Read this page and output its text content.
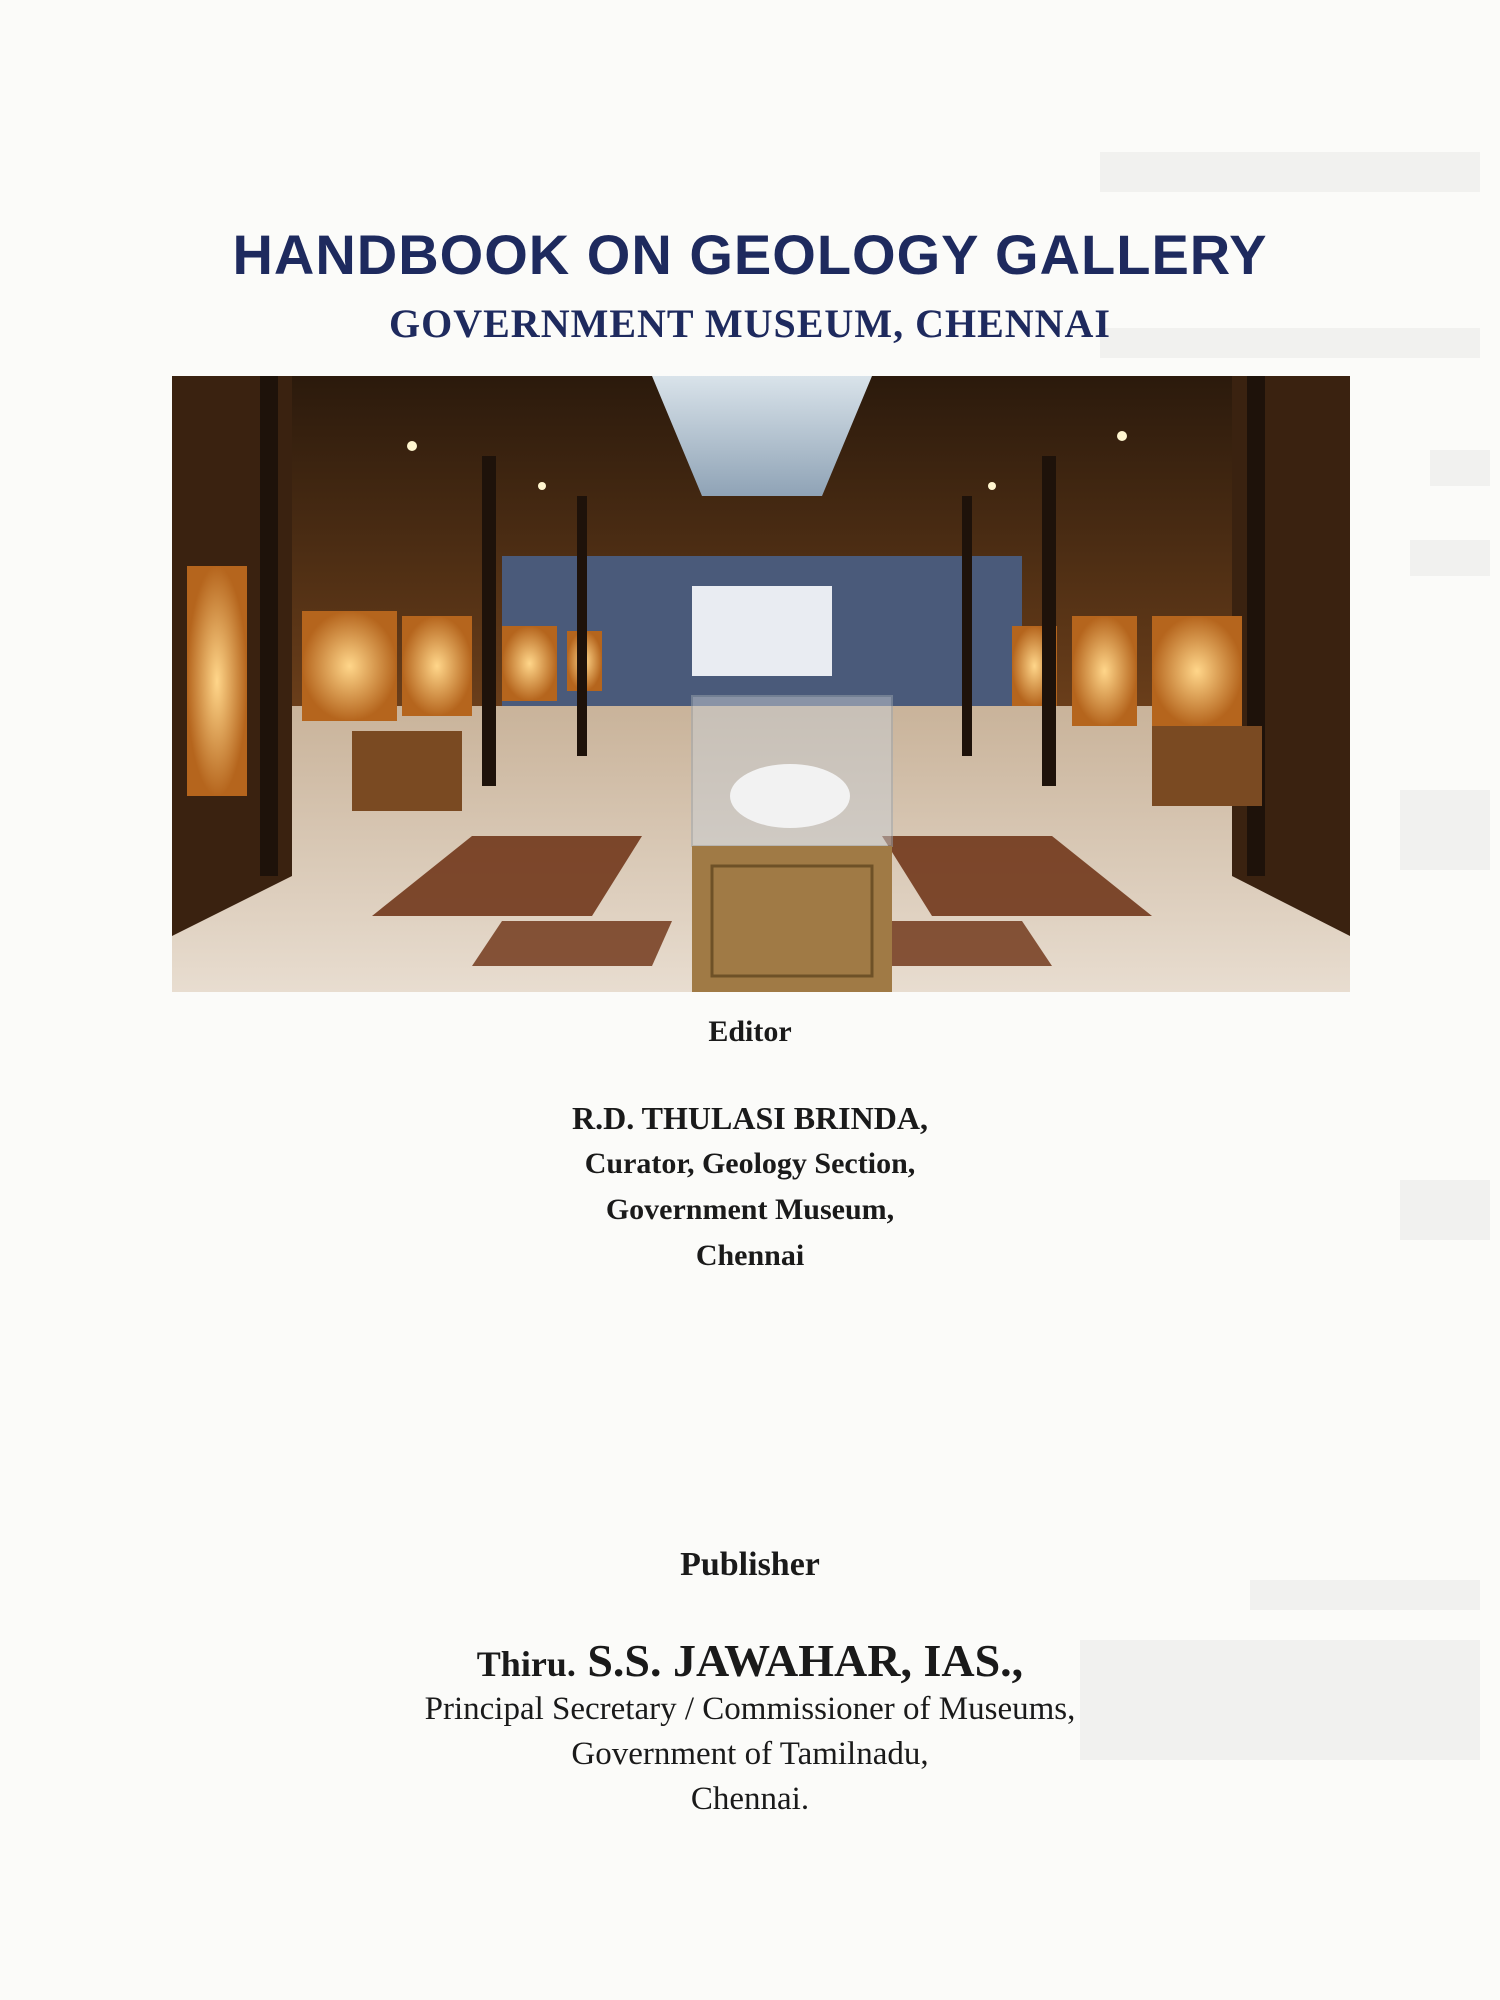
HANDBOOK ON GEOLOGY GALLERY
GOVERNMENT MUSEUM, CHENNAI
Editor
R.D. THULASI BRINDA,
Curator, Geology Section,
Government Museum,
Chennai
Publisher
Thiru. S.S. JAWAHAR, IAS.,
Principal Secretary / Commissioner of Museums,
Government of Tamilnadu,
Chennai.
